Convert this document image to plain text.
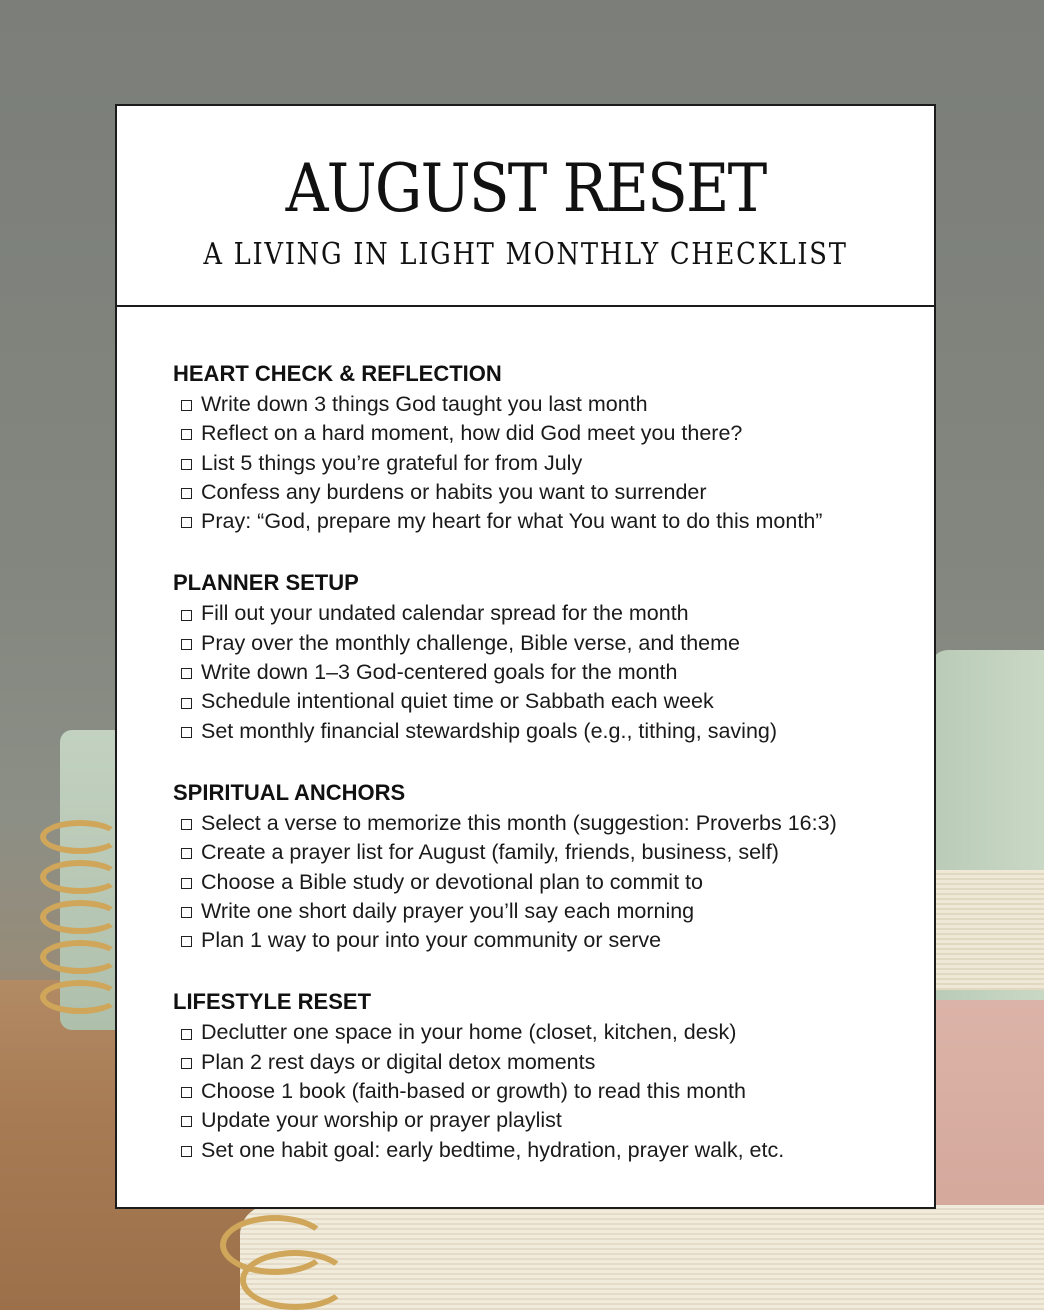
AUGUST RESET
A LIVING IN LIGHT MONTHLY CHECKLIST
HEART CHECK & REFLECTION
Write down 3 things God taught you last month
Reflect on a hard moment, how did God meet you there?
List 5 things you’re grateful for from July
Confess any burdens or habits you want to surrender
Pray: “God, prepare my heart for what You want to do this month”
PLANNER SETUP
Fill out your undated calendar spread for the month
Pray over the monthly challenge, Bible verse, and theme
Write down 1–3 God-centered goals for the month
Schedule intentional quiet time or Sabbath each week
Set monthly financial stewardship goals (e.g., tithing, saving)
SPIRITUAL ANCHORS
Select a verse to memorize this month (suggestion: Proverbs 16:3)
Create a prayer list for August (family, friends, business, self)
Choose a Bible study or devotional plan to commit to
Write one short daily prayer you’ll say each morning
Plan 1 way to pour into your community or serve
LIFESTYLE RESET
Declutter one space in your home (closet, kitchen, desk)
Plan 2 rest days or digital detox moments
Choose 1 book (faith-based or growth) to read this month
Update your worship or prayer playlist
Set one habit goal: early bedtime, hydration, prayer walk, etc.
